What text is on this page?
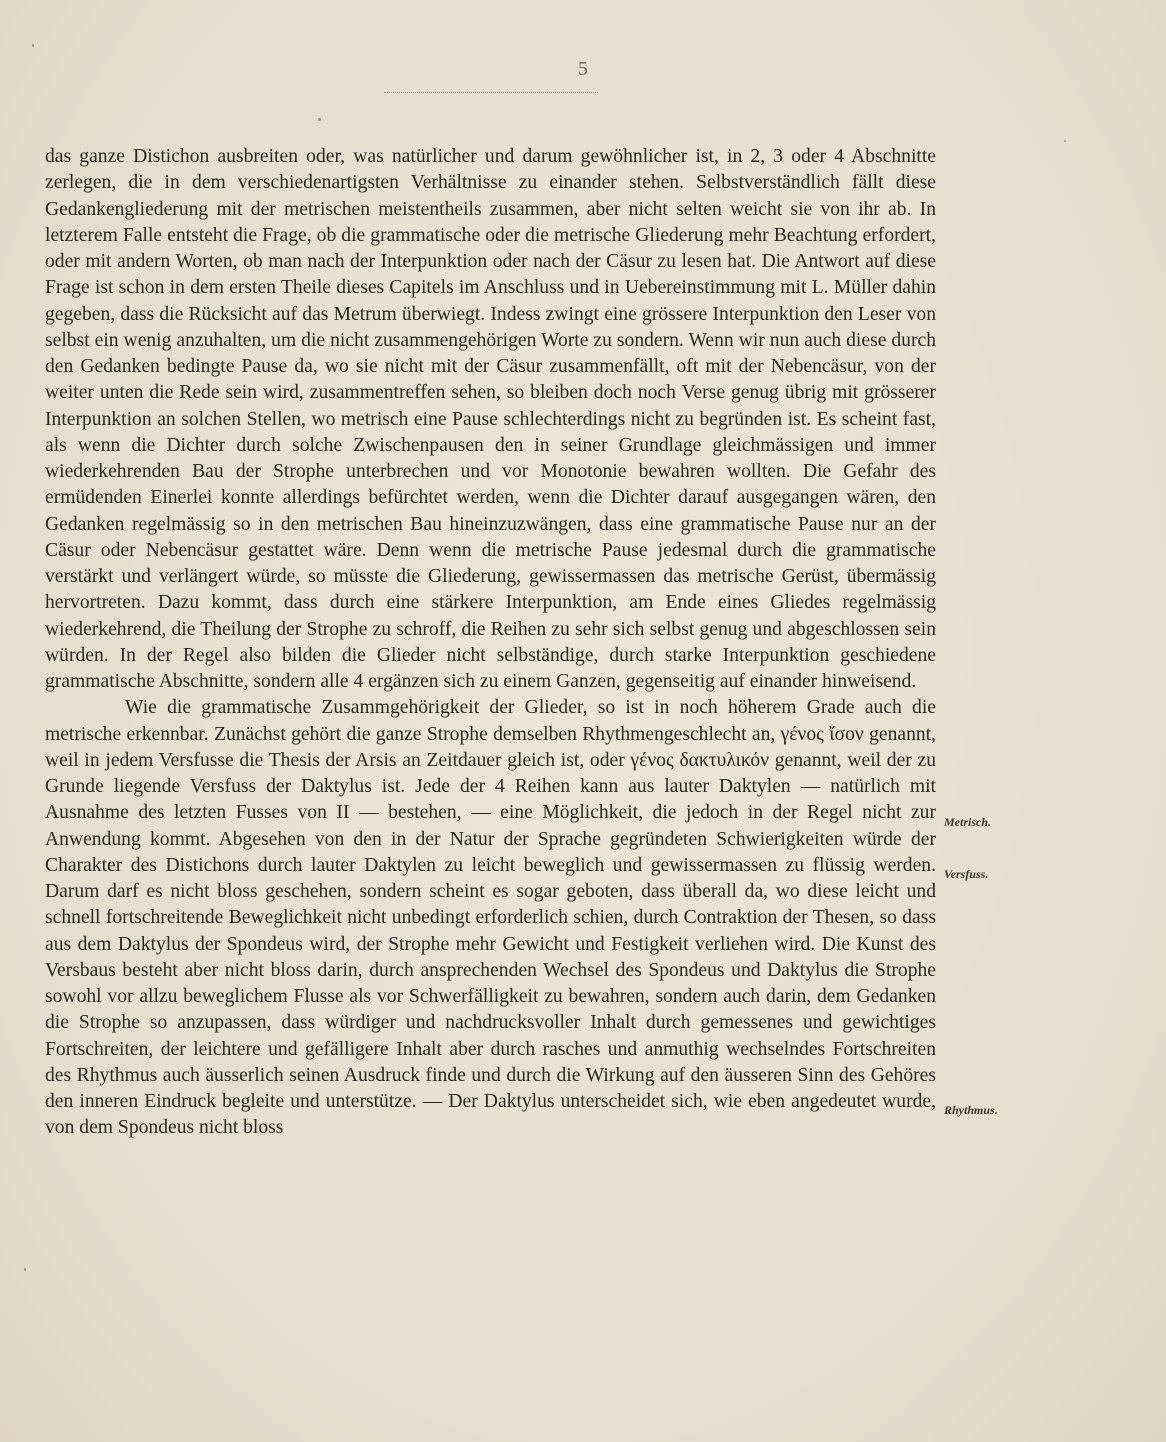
5

das ganze Distichon ausbreiten oder, was natürlicher und darum gewöhnlicher ist, in 2, 3 oder 4 Abschnitte zerlegen, die in dem verschiedenartigsten Verhältnisse zu einander stehen. Selbstverständlich fällt diese Gedankengliederung mit der metrischen meistentheils zusammen, aber nicht selten weicht sie von ihr ab. In letzterem Falle entsteht die Frage, ob die grammatische oder die metrische Gliederung mehr Beachtung erfordert, oder mit andern Worten, ob man nach der Interpunktion oder nach der Cäsur zu lesen hat. Die Antwort auf diese Frage ist schon in dem ersten Theile dieses Capitels im Anschluss und in Uebereinstimmung mit L. Müller dahin gegeben, dass die Rücksicht auf das Metrum überwiegt. Indess zwingt eine grössere Interpunktion den Leser von selbst ein wenig anzuhalten, um die nicht zusammengehörigen Worte zu sondern. Wenn wir nun auch diese durch den Gedanken bedingte Pause da, wo sie nicht mit der Cäsur zusammenfällt, oft mit der Nebencäsur, von der weiter unten die Rede sein wird, zusammentreffen sehen, so bleiben doch noch Verse genug übrig mit grösserer Interpunktion an solchen Stellen, wo metrisch eine Pause schlechterdings nicht zu begründen ist. Es scheint fast, als wenn die Dichter durch solche Zwischenpausen den in seiner Grundlage gleichmässigen und immer wiederkehrenden Bau der Strophe unterbrechen und vor Monotonie bewahren wollten. Die Gefahr des ermüdenden Einerlei konnte allerdings befürchtet werden, wenn die Dichter darauf ausgegangen wären, den Gedanken regelmässig so in den metrischen Bau hineinzuzwängen, dass eine grammatische Pause nur an der Cäsur oder Nebencäsur gestattet wäre. Denn wenn die metrische Pause jedesmal durch die grammatische verstärkt und verlängert würde, so müsste die Gliederung, gewissermassen das metrische Gerüst, übermässig hervortreten. Dazu kommt, dass durch eine stärkere Interpunktion, am Ende eines Gliedes regelmässig wiederkehrend, die Theilung der Strophe zu schroff, die Reihen zu sehr sich selbst genug und abgeschlossen sein würden. In der Regel also bilden die Glieder nicht selbständige, durch starke Interpunktion geschiedene grammatische Abschnitte, sondern alle 4 ergänzen sich zu einem Ganzen, gegenseitig auf einander hinweisend.

Wie die grammatische Zusammgehörigkeit der Glieder, so ist in noch höherem Grade auch die metrische erkennbar. Zunächst gehört die ganze Strophe demselben Rhythmengeschlecht an, γένος ἴσον genannt, weil in jedem Versfusse die Thesis der Arsis an Zeitdauer gleich ist, oder γένος δακτυλικόν genannt, weil der zu Grunde liegende Versfuss der Daktylus ist. Jede der 4 Reihen kann aus lauter Daktylen — natürlich mit Ausnahme des letzten Fusses von II — bestehen, — eine Möglichkeit, die jedoch in der Regel nicht zur Anwendung kommt. Abgesehen von den in der Natur der Sprache gegründeten Schwierigkeiten würde der Charakter des Distichons durch lauter Daktylen zu leicht beweglich und gewissermassen zu flüssig werden. Darum darf es nicht bloss geschehen, sondern scheint es sogar geboten, dass überall da, wo diese leicht und schnell fortschreitende Beweglichkeit nicht unbedingt erforderlich schien, durch Contraktion der Thesen, so dass aus dem Daktylus der Spondeus wird, der Strophe mehr Gewicht und Festigkeit verliehen wird. Die Kunst des Versbaus besteht aber nicht bloss darin, durch ansprechenden Wechsel des Spondeus und Daktylus die Strophe sowohl vor allzu beweglichem Flusse als vor Schwerfälligkeit zu bewahren, sondern auch darin, dem Gedanken die Strophe so anzupassen, dass würdiger und nachdrucksvoller Inhalt durch gemessenes und gewichtiges Fortschreiten, der leichtere und gefälligere Inhalt aber durch rasches und anmuthig wechselndes Fortschreiten des Rhythmus auch äusserlich seinen Ausdruck finde und durch die Wirkung auf den äusseren Sinn des Gehöres den inneren Eindruck begleite und unterstütze. — Der Daktylus unterscheidet sich, wie eben angedeutet wurde, von dem Spondeus nicht bloss

Metrisch.
Versfuss.
Rhythmus.
